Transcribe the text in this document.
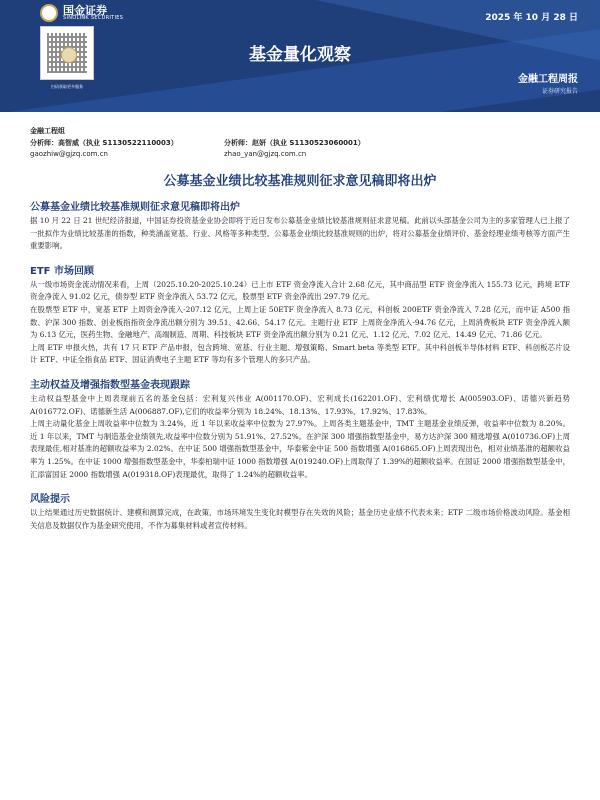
国金证券
SINOLINK SECURITIES	2025 年 10 月 28 日
扫码获取更多服务
基金量化观察
金融工程周报
证券研究报告
金融工程组
分析师：高智威（执业 S1130522110003）	分析师：赵妍（执业 S1130523060001）
gaozhiw@gjzq.com.cn	zhao_yan@gjzq.com.cn
公募基金业绩比较基准规则征求意见稿即将出炉
公募基金业绩比较基准规则征求意见稿即将出炉

据 10 月 22 日 21 世纪经济报道，中国证券投资基金业协会即将于近日发布公募基金业绩比较基准规则征求意见稿。此前以头部基金公司为主的多家管理人已上报了一批拟作为业绩比较基准的指数，种类涵盖宽基、行业、风格等多种类型。公募基金业绩比较基准规则的出炉，将对公募基金业绩评价、基金经理业绩考核等方面产生重要影响。

ETF 市场回顾

从一级市场资金流动情况来看，上周（2025.10.20-2025.10.24）已上市 ETF 资金净流入合计 2.68 亿元，其中商品型 ETF 资金净流入 155.73 亿元，跨境 ETF 资金净流入 91.02 亿元，债券型 ETF 资金净流入 53.72 亿元，股票型 ETF 资金净流出 297.79 亿元。

在股票型 ETF 中，宽基 ETF 上周资金净流入-207.12 亿元，上周上证 50ETF 资金净流入 8.73 亿元，科创板 200ETF 资金净流入 7.28 亿元，而中证 A500 指数、沪深 300 指数、创业板指指资金净流出额分别为 39.51、42.66、54.17 亿元。主题行业 ETF 上周资金净流入-94.76 亿元，上周消费板块 ETF 资金净流入额为 6.13 亿元，医药生物、金融地产、高端制造、周期、科技板块 ETF 资金净流出额分别为 0.21 亿元、1.12 亿元、7.02 亿元、14.49 亿元、71.86 亿元。

上周 ETF 申报火热，共有 17 只 ETF 产品申报，包含跨境、宽基、行业主题、增强策略、Smart beta 等类型 ETF。其中科创板半导体材料 ETF、科创板芯片设计 ETF、中证全指食品 ETF、国证消费电子主题 ETF 等均有多个管理人的多只产品。

主动权益及增强指数型基金表现跟踪

主动权益型基金中上周表现前五名的基金包括：宏利复兴伟业 A(001170.OF)、宏利成长(162201.OF)、宏利绩优增长 A(005903.OF)、诺德兴新趋势 A(016772.OF)、诺德新生活 A(006887.OF),它们的收益率分别为 18.24%、18.13%、17.93%、17.92%、17.83%。

上周主动量化基金上周收益率中位数为 3.24%，近 1 年以来收益率中位数为 27.97%。上周各类主题基金中，TMT 主题基金业绩反弹，收益率中位数为 8.20%。近 1 年以来，TMT 与制造基金业绩领先,收益率中位数分别为 51.91%、27.52%。在沪深 300 增强指数型基金中，易方达沪深 300 精选增强 A(010736.OF)上周表现最佳,相对基准的超额收益率为 2.02%。在中证 500 增强指数型基金中，华泰紫金中证 500 指数增强 A(016865.OF)上周表现出色，相对业绩基准的超额收益率为 1.25%。在中证 1000 增强指数型基金中，华泰柏瑞中证 1000 指数增强 A(019240.OF)上周取得了 1.39%的超额收益率。在国证 2000 增强指数型基金中，汇添富国证 2000 指数增强 A(019318.OF)表现最优，取得了 1.24%的超额收益率。

风险提示

以上结果通过历史数据统计、建模和测算完成，在政策、市场环境发生变化时模型存在失效的风险；基金历史业绩不代表未来；ETF 二级市场价格波动风险。基金相关信息及数据仅作为基金研究使用，不作为募集材料或者宣传材料。
